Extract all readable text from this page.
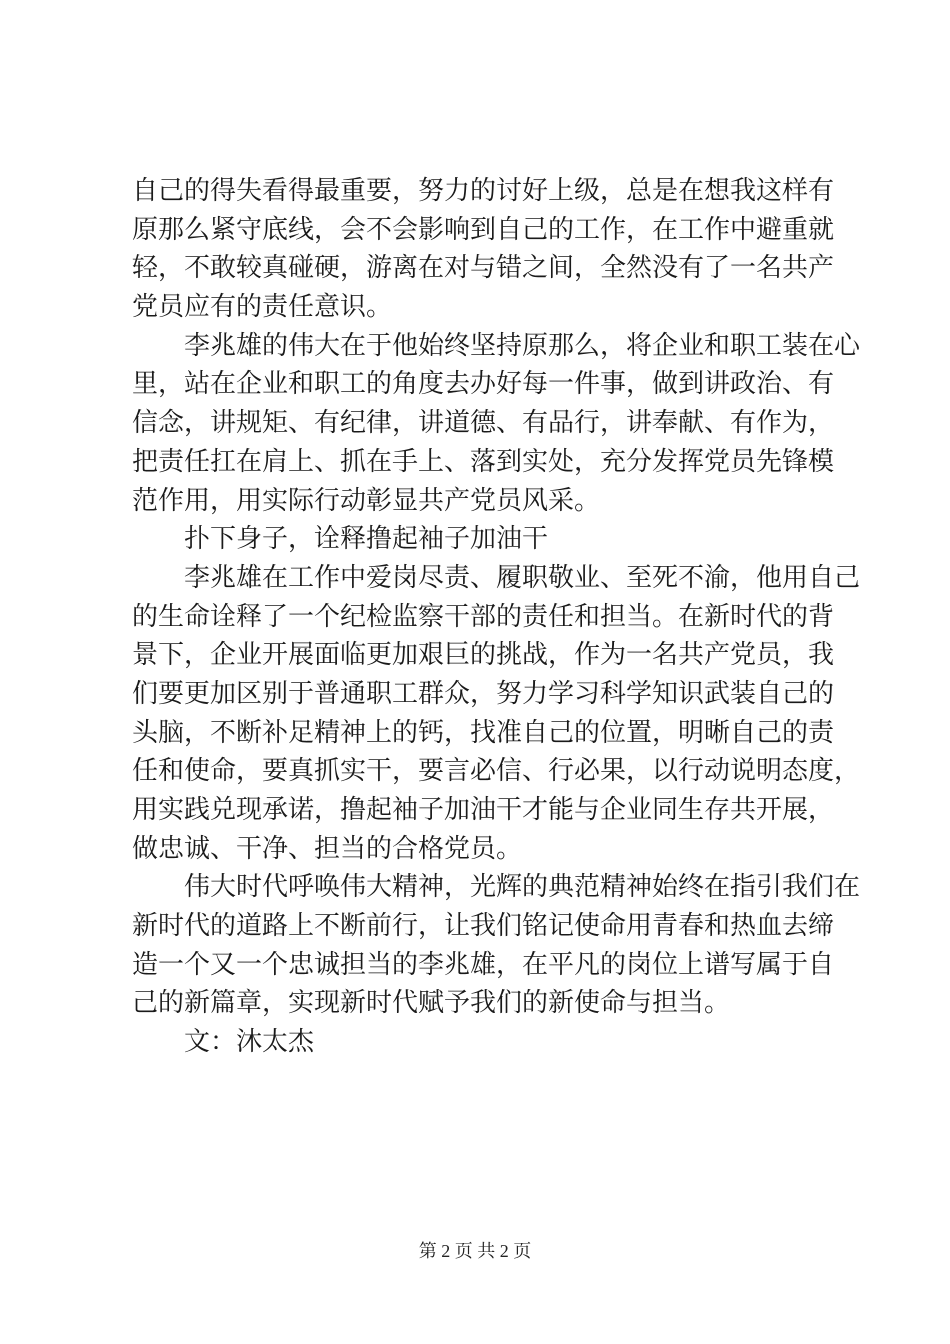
自己的得失看得最重要，努力的讨好上级，总是在想我这样有
原那么紧守底线，会不会影响到自己的工作，在工作中避重就
轻，不敢较真碰硬，游离在对与错之间，全然没有了一名共产
党员应有的责任意识。
李兆雄的伟大在于他始终坚持原那么，将企业和职工装在心
里，站在企业和职工的角度去办好每一件事，做到讲政治、有
信念，讲规矩、有纪律，讲道德、有品行，讲奉献、有作为，
把责任扛在肩上、抓在手上、落到实处，充分发挥党员先锋模
范作用，用实际行动彰显共产党员风采。
扑下身子，诠释撸起袖子加油干
李兆雄在工作中爱岗尽责、履职敬业、至死不渝，他用自己
的生命诠释了一个纪检监察干部的责任和担当。在新时代的背
景下，企业开展面临更加艰巨的挑战，作为一名共产党员，我
们要更加区别于普通职工群众，努力学习科学知识武装自己的
头脑，不断补足精神上的钙，找准自己的位置，明晰自己的责
任和使命，要真抓实干，要言必信、行必果，以行动说明态度，
用实践兑现承诺，撸起袖子加油干才能与企业同生存共开展，
做忠诚、干净、担当的合格党员。
伟大时代呼唤伟大精神，光辉的典范精神始终在指引我们在
新时代的道路上不断前行，让我们铭记使命用青春和热血去缔
造一个又一个忠诚担当的李兆雄，在平凡的岗位上谱写属于自
己的新篇章，实现新时代赋予我们的新使命与担当。
文：沐太杰
第 2 页 共 2 页
